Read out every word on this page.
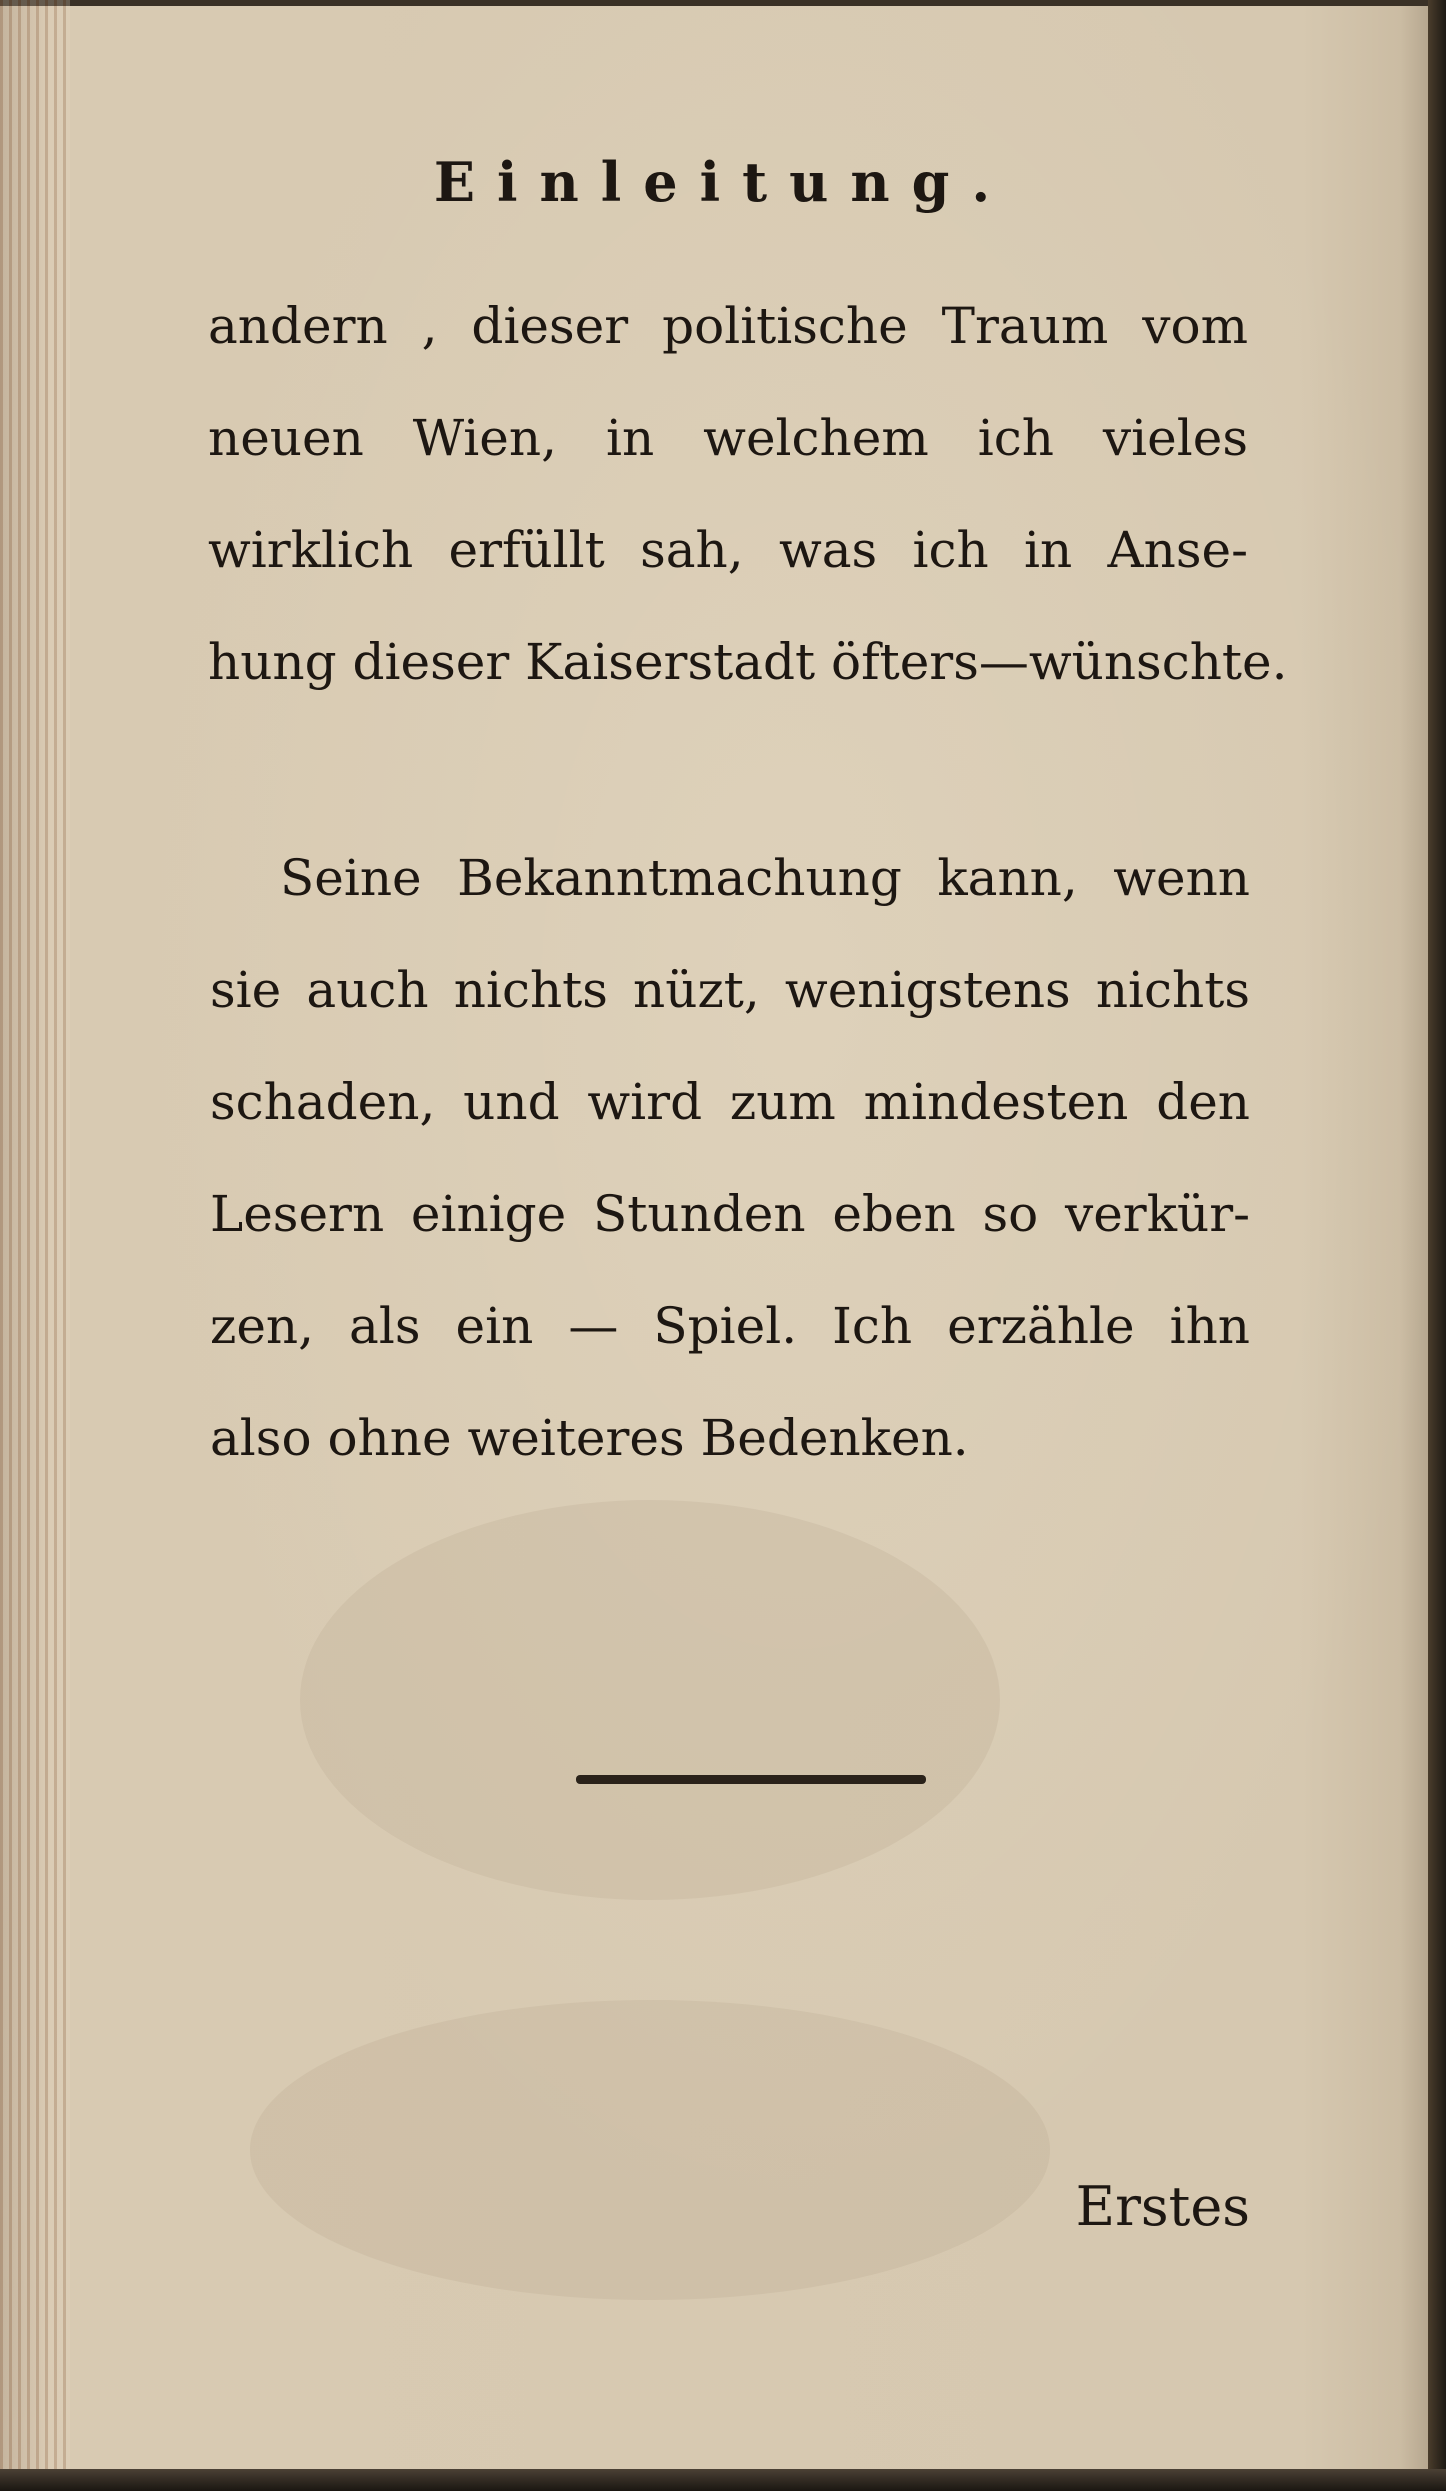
Einleitung.
andern , dieser politische Traum vom
neuen Wien, in welchem ich vieles
wirklich erfüllt sah, was ich in Anse-
hung dieser Kaiserstadt öfters—wünschte.
Seine Bekanntmachung kann, wenn
sie auch nichts nüzt, wenigstens nichts
schaden, und wird zum mindesten den
Lesern einige Stunden eben so verkür-
zen, als ein — Spiel. Ich erzähle ihn
also ohne weiteres Bedenken.
Erstes
